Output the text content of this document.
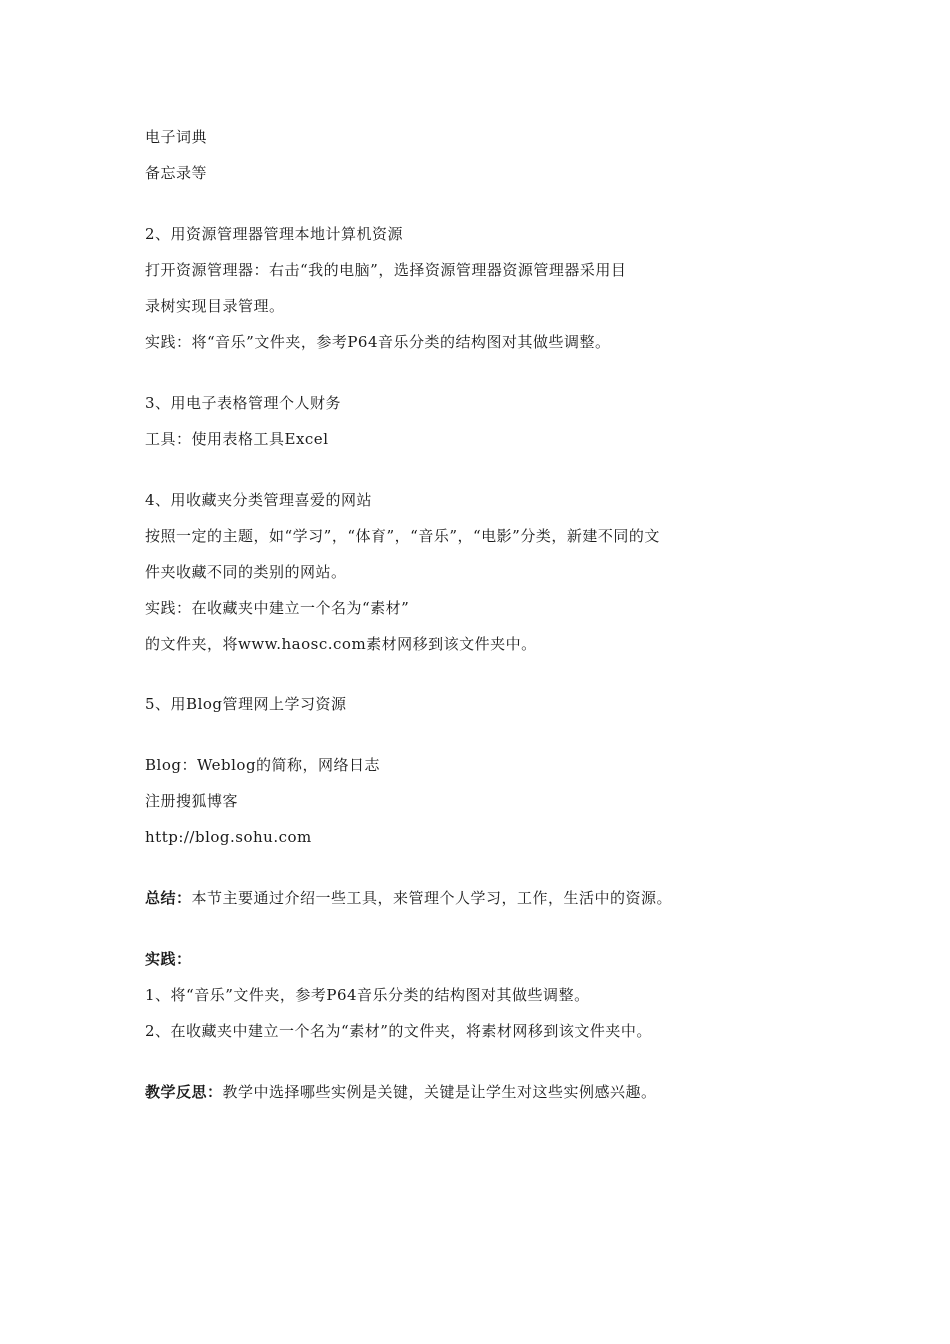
电子词典
备忘录等
2、用资源管理器管理本地计算机资源
打开资源管理器：右击“我的电脑”，选择资源管理器资源管理器采用目
录树实现目录管理。
实践：将“音乐”文件夹，参考P64音乐分类的结构图对其做些调整。
3、用电子表格管理个人财务
工具：使用表格工具Excel
4、用收藏夹分类管理喜爱的网站
按照一定的主题，如“学习”，“体育”，“音乐”，“电影”分类，新建不同的文
件夹收藏不同的类别的网站。
实践：在收藏夹中建立一个名为“素材”
的文件夹，将www.haosc.com素材网移到该文件夹中。
5、用Blog管理网上学习资源
Blog：Weblog的简称，网络日志
注册搜狐博客
http://blog.sohu.com
总结：本节主要通过介绍一些工具，来管理个人学习，工作，生活中的资源。
实践：
1、将“音乐”文件夹，参考P64音乐分类的结构图对其做些调整。
2、在收藏夹中建立一个名为“素材”的文件夹，将素材网移到该文件夹中。
教学反思：教学中选择哪些实例是关键，关键是让学生对这些实例感兴趣。
